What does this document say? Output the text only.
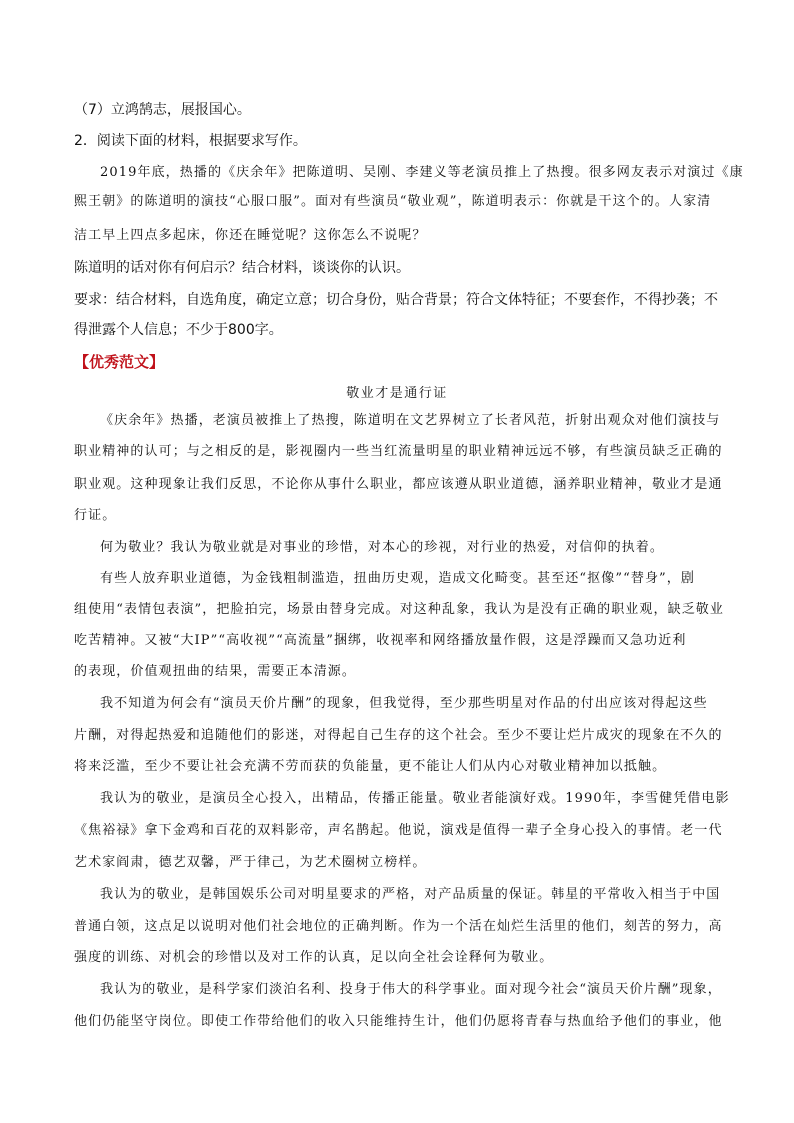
（7）立鸿鹄志，展报国心。
2．阅读下面的材料，根据要求写作。
2019年底，热播的《庆余年》把陈道明、吴刚、李建义等老演员推上了热搜。很多网友表示对演过《康
熙王朝》的陈道明的演技“心服口服”。面对有些演员“敬业观”，陈道明表示：你就是干这个的。人家清
洁工早上四点多起床，你还在睡觉呢？这你怎么不说呢？
陈道明的话对你有何启示？结合材料，谈谈你的认识。
要求：结合材料，自选角度，确定立意；切合身份，贴合背景；符合文体特征；不要套作，不得抄袭；不
得泄露个人信息；不少于800字。
【优秀范文】
敬业才是通行证
《庆余年》热播，老演员被推上了热搜，陈道明在文艺界树立了长者风范，折射出观众对他们演技与
职业精神的认可；与之相反的是，影视圈内一些当红流量明星的职业精神远远不够，有些演员缺乏正确的
职业观。这种现象让我们反思，不论你从事什么职业，都应该遵从职业道德，涵养职业精神，敬业才是通
行证。
何为敬业？我认为敬业就是对事业的珍惜，对本心的珍视，对行业的热爱，对信仰的执着。
有些人放弃职业道德，为金钱粗制滥造，扭曲历史观，造成文化畸变。甚至还“抠像”“替身”，剧
组使用“表情包表演”，把脸拍完，场景由替身完成。对这种乱象，我认为是没有正确的职业观，缺乏敬业
吃苦精神。又被“大IP”“高收视”“高流量”捆绑，收视率和网络播放量作假，这是浮躁而又急功近利
的表现，价值观扭曲的结果，需要正本清源。
我不知道为何会有“演员天价片酬”的现象，但我觉得，至少那些明星对作品的付出应该对得起这些
片酬，对得起热爱和追随他们的影迷，对得起自己生存的这个社会。至少不要让烂片成灾的现象在不久的
将来泛滥，至少不要让社会充满不劳而获的负能量，更不能让人们从内心对敬业精神加以抵触。
我认为的敬业，是演员全心投入，出精品，传播正能量。敬业者能演好戏。1990年，李雪健凭借电影
《焦裕禄》拿下金鸡和百花的双料影帝，声名鹊起。他说，演戏是值得一辈子全身心投入的事情。老一代
艺术家阎肃，德艺双馨，严于律己，为艺术圈树立榜样。
我认为的敬业，是韩国娱乐公司对明星要求的严格，对产品质量的保证。韩星的平常收入相当于中国
普通白领，这点足以说明对他们社会地位的正确判断。作为一个活在灿烂生活里的他们，刻苦的努力，高
强度的训练、对机会的珍惜以及对工作的认真，足以向全社会诠释何为敬业。
我认为的敬业，是科学家们淡泊名利、投身于伟大的科学事业。面对现今社会“演员天价片酬”现象，
他们仍能坚守岗位。即使工作带给他们的收入只能维持生计，他们仍愿将青春与热血给予他们的事业，他
